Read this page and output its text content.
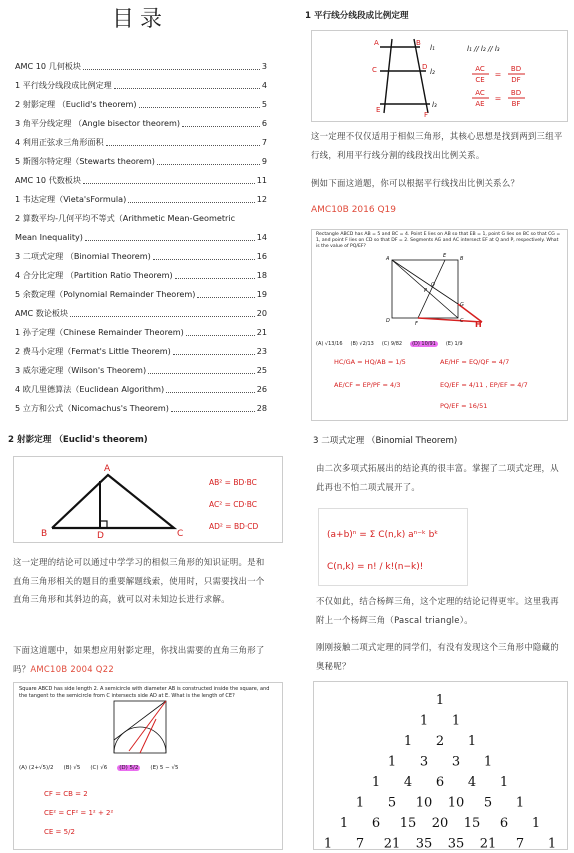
目录
AMC 10 几何板块	3
1 平行线分线段成比例定理	4
2 射影定理 （Euclid's theorem)	5
3 角平分线定理 （Angle bisector theorem)	6
4 利用正弦求三角形面积	7
5 斯图尔特定理（Stewarts theorem)	9
AMC 10 代数板块	11
1 韦达定理（Vieta'sFormula)	12
2 算数平均-几何平均不等式（Arithmetic Mean-Geometric
Mean Inequality)	14
3 二项式定理 （Binomial Theorem)	16
4 合分比定理 （Partition Ratio Theorem)	18
5 余数定理（Polynomial Remainder Theorem)	19
AMC 数论板块	20
1 孙子定理（Chinese Remainder Theorem)	21
2 费马小定理（Fermat's Little Theorem)	23
3 威尔逊定理（Wilson's Theorem)	25
4 欧几里德算法（Euclidean Algorithm)	26
5 立方和公式（Nicomachus's Theorem)	28
2 射影定理 （Euclid's theorem)
A
B	C
D
AB² = BD·BC
AC² = CD·BC
AD² = BD·CD
这一定理的结论可以通过中学学习的相似三角形的知识证明。是和直角三角形相关的题目的重要解题线索，使用时，只需要找出一个直角三角形和其斜边的高，就可以对未知边长进行求解。
下面这道题中，如果想应用射影定理，你找出需要的直角三角形了吗？AMC10B 2004 Q22
Square ABCD has side length 2. A semicircle with diameter AB is constructed inside the square, and the tangent to the semicircle from C intersects side AD at E. What is the length of CE?
CF = CB = 2
CE² = CF² = 1² + 2²
CE = 5/2
(A) (2+√5)/2 (B) √5 (C) √6	(D) 5/2	(E) 5 − √5
1 平行线分线段成比例定理
l₁
l₂
l₃
A	B
C	D
E
F
l₁ // l₂ // l₃
AC
CE
=
BD
DF
AC
AE
=
BD
BF
这一定理不仅仅适用于相似三角形，其核心思想是找到两到三组平行线，利用平行线分割的线段找出比例关系。
例如下面这道题，你可以根据平行线找出比例关系么？
AMC10B 2016 Q19
Rectangle ABCD has AB = 5 and BC = 4. Point E lies on AB so that EB = 1, point G lies on BC so that CG = 1, and point F lies on CD so that DF = 2. Segments AG and AC intersect EF at Q and P, respectively. What is the value of PQ/EF?
H
A	B
C
D
E
F
G
P
Q
HC/GA = HQ/AB = 1/5
AE/CF = EP/PF = 4/3
AE/HF = EQ/QF = 4/7
EQ/EF = 4/11 , EP/EF = 4/7
PQ/EF = 16/51
(A) √13/16 (B) √2/13 (C) 9/82	(D) 10/91	(E) 1/9
3 二项式定理 （Binomial Theorem)
由二次多项式拓展出的结论真的很丰富。掌握了二项式定理，从此再也不怕二项式展开了。
(a+b)ⁿ = Σ C(n,k) aⁿ⁻ᵏ bᵏ
C(n,k) = n! / k!(n−k)!
不仅如此，结合杨辉三角，这个定理的结论记得更牢。这里我再附上一个杨辉三角（Pascal triangle）。
刚刚接触二项式定理的同学们，有没有发现这个三角形中隐藏的奥秘呢？
1
1 1
1 2 1
1 3 3 1
1 4 6 4 1
1 5 10 10 5 1
1 6 15 20 15 6 1
1 7 21 35 35 21 7 1
